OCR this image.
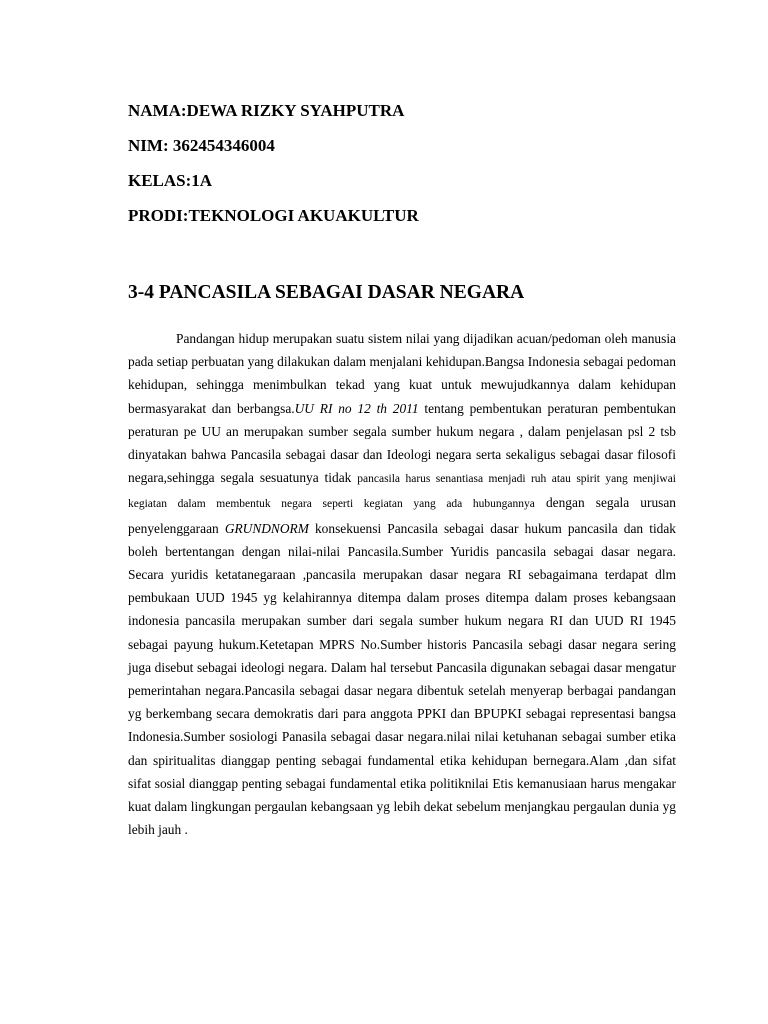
NAMA:DEWA RIZKY SYAHPUTRA

NIM: 362454346004

KELAS:1A

PRODI:TEKNOLOGI AKUAKULTUR

3-4 PANCASILA SEBAGAI DASAR NEGARA

Pandangan hidup merupakan suatu sistem nilai yang dijadikan acuan/pedoman oleh manusia pada setiap perbuatan yang dilakukan dalam menjalani kehidupan.Bangsa Indonesia sebagai pedoman kehidupan, sehingga menimbulkan tekad yang kuat untuk mewujudkannya dalam kehidupan bermasyarakat dan berbangsa.UU RI no 12 th 2011 tentang pembentukan peraturan pembentukan peraturan pe UU an merupakan sumber segala sumber hukum negara , dalam penjelasan psl 2 tsb dinyatakan bahwa Pancasila sebagai dasar dan Ideologi negara serta sekaligus sebagai dasar filosofi negara,sehingga segala sesuatunya tidak pancasila harus senantiasa menjadi ruh atau spirit yang menjiwai kegiatan dalam membentuk negara seperti kegiatan yang ada hubungannya dengan segala urusan penyelenggaraan GRUNDNORM konsekuensi Pancasila sebagai dasar hukum pancasila dan tidak boleh bertentangan dengan nilai-nilai Pancasila.Sumber Yuridis pancasila sebagai dasar negara. Secara yuridis ketatanegaraan ,pancasila merupakan dasar negara RI sebagaimana terdapat dlm pembukaan UUD 1945 yg kelahirannya ditempa dalam proses ditempa dalam proses kebangsaan indonesia pancasila merupakan sumber dari segala sumber hukum negara RI dan UUD RI 1945 sebagai payung hukum.Ketetapan MPRS No.Sumber historis Pancasila sebagi dasar negara sering juga disebut sebagai ideologi negara. Dalam hal tersebut Pancasila digunakan sebagai dasar mengatur pemerintahan negara.Pancasila sebagai dasar negara dibentuk setelah menyerap berbagai pandangan yg berkembang secara demokratis dari para anggota PPKI dan BPUPKI sebagai representasi bangsa Indonesia.Sumber sosiologi Panasila sebagai dasar negara.nilai nilai ketuhanan sebagai sumber etika dan spiritualitas dianggap penting sebagai fundamental etika kehidupan bernegara.Alam ,dan sifat sifat sosial dianggap penting sebagai fundamental etika politiknilai Etis kemanusiaan harus mengakar kuat dalam lingkungan pergaulan kebangsaan yg lebih dekat sebelum menjangkau pergaulan dunia yg lebih jauh .
